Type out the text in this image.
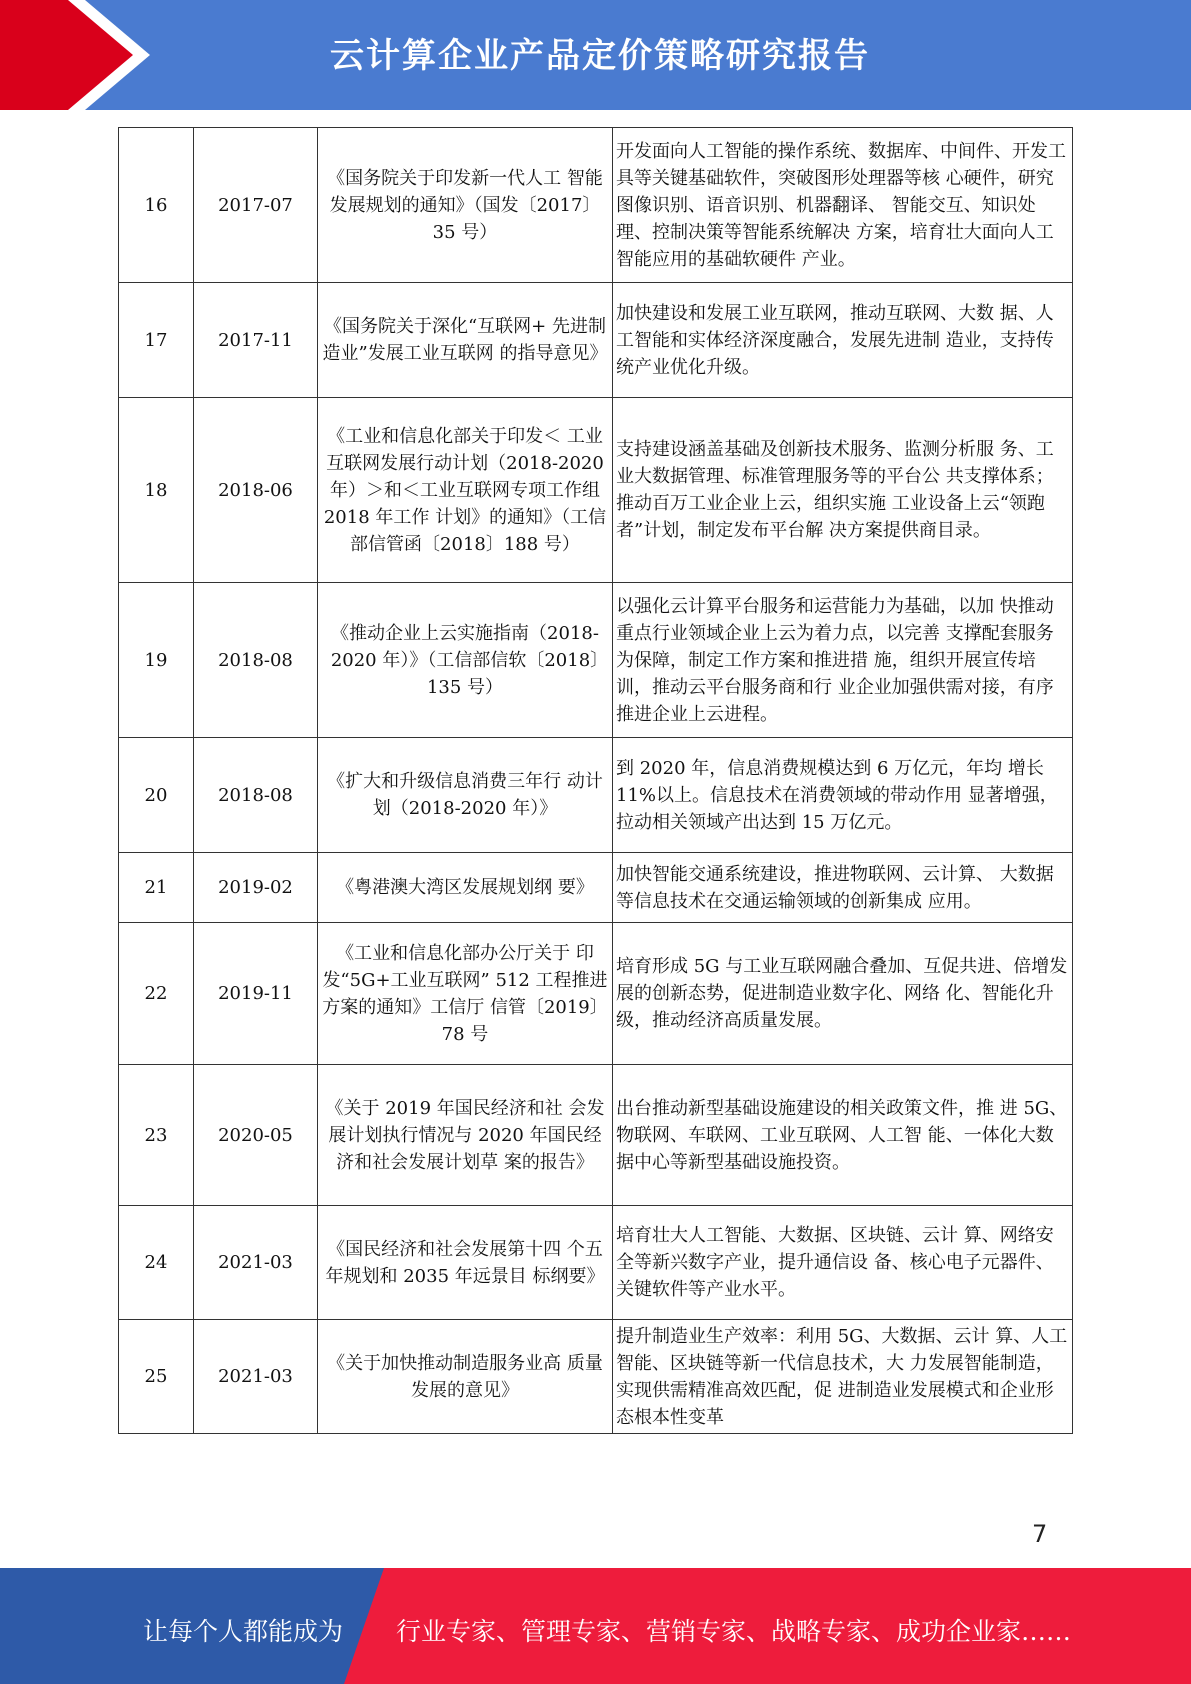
云计算企业产品定价策略研究报告
16	2017-07	《国务院关于印发新一代人工 智能发展规划的通知》（国发〔2017〕 35 号）	开发面向人工智能的操作系统、数据库、中间件、开发工具等关键基础软件，突破图形处理器等核 心硬件，研究图像识别、语音识别、机器翻译、 智能交互、知识处理、控制决策等智能系统解决 方案，培育壮大面向人工智能应用的基础软硬件 产业。
17	2017-11	《国务院关于深化“互联网+ 先进制造业”发展工业互联网 的指导意见》	加快建设和发展工业互联网，推动互联网、大数 据、人工智能和实体经济深度融合，发展先进制 造业，支持传统产业优化升级。
18	2018-06	《工业和信息化部关于印发＜ 工业互联网发展行动计划（2018-2020 年）＞和＜工业互联网专项工作组 2018 年工作 计划》的通知》（工信部信管函〔2018〕188 号）	支持建设涵盖基础及创新技术服务、监测分析服 务、工业大数据管理、标准管理服务等的平台公 共支撑体系；推动百万工业企业上云，组织实施 工业设备上云“领跑者”计划，制定发布平台解 决方案提供商目录。
19	2018-08	《推动企业上云实施指南（2018-2020 年）》（工信部信软〔2018〕　 135 号）	以强化云计算平台服务和运营能力为基础，以加 快推动重点行业领域企业上云为着力点，以完善 支撑配套服务为保障，制定工作方案和推进措 施，组织开展宣传培训，推动云平台服务商和行 业企业加强供需对接，有序推进企业上云进程。
20	2018-08	《扩大和升级信息消费三年行 动计划（2018-2020 年）》	到 2020 年，信息消费规模达到 6 万亿元，年均 增长 11%以上。信息技术在消费领域的带动作用 显著增强，拉动相关领域产出达到 15 万亿元。
21	2019-02	《粤港澳大湾区发展规划纲 要》	加快智能交通系统建设，推进物联网、云计算、 大数据等信息技术在交通运输领域的创新集成 应用。
22	2019-11	《工业和信息化部办公厅关于 印发“5G+工业互联网” 512 工程推进方案的通知》工信厅 信管〔2019〕 78 号	培育形成 5G 与工业互联网融合叠加、互促共进、倍增发展的创新态势，促进制造业数字化、网络 化、智能化升级，推动经济高质量发展。
23	2020-05	《关于 2019 年国民经济和社 会发展计划执行情况与 2020 年国民经济和社会发展计划草 案的报告》	出台推动新型基础设施建设的相关政策文件，推 进 5G、物联网、车联网、工业互联网、人工智 能、一体化大数据中心等新型基础设施投资。
24	2021-03	《国民经济和社会发展第十四 个五年规划和 2035 年远景目 标纲要》	培育壮大人工智能、大数据、区块链、云计 算、网络安全等新兴数字产业，提升通信设 备、核心电子元器件、关键软件等产业水平。
25	2021-03	《关于加快推动制造服务业高 质量发展的意见》	提升制造业生产效率：利用 5G、大数据、云计 算、人工智能、区块链等新一代信息技术，大 力发展智能制造，实现供需精准高效匹配，促 进制造业发展模式和企业形态根本性变革
7
让每个人都能成为 行业专家、管理专家、营销专家、战略专家、成功企业家……
